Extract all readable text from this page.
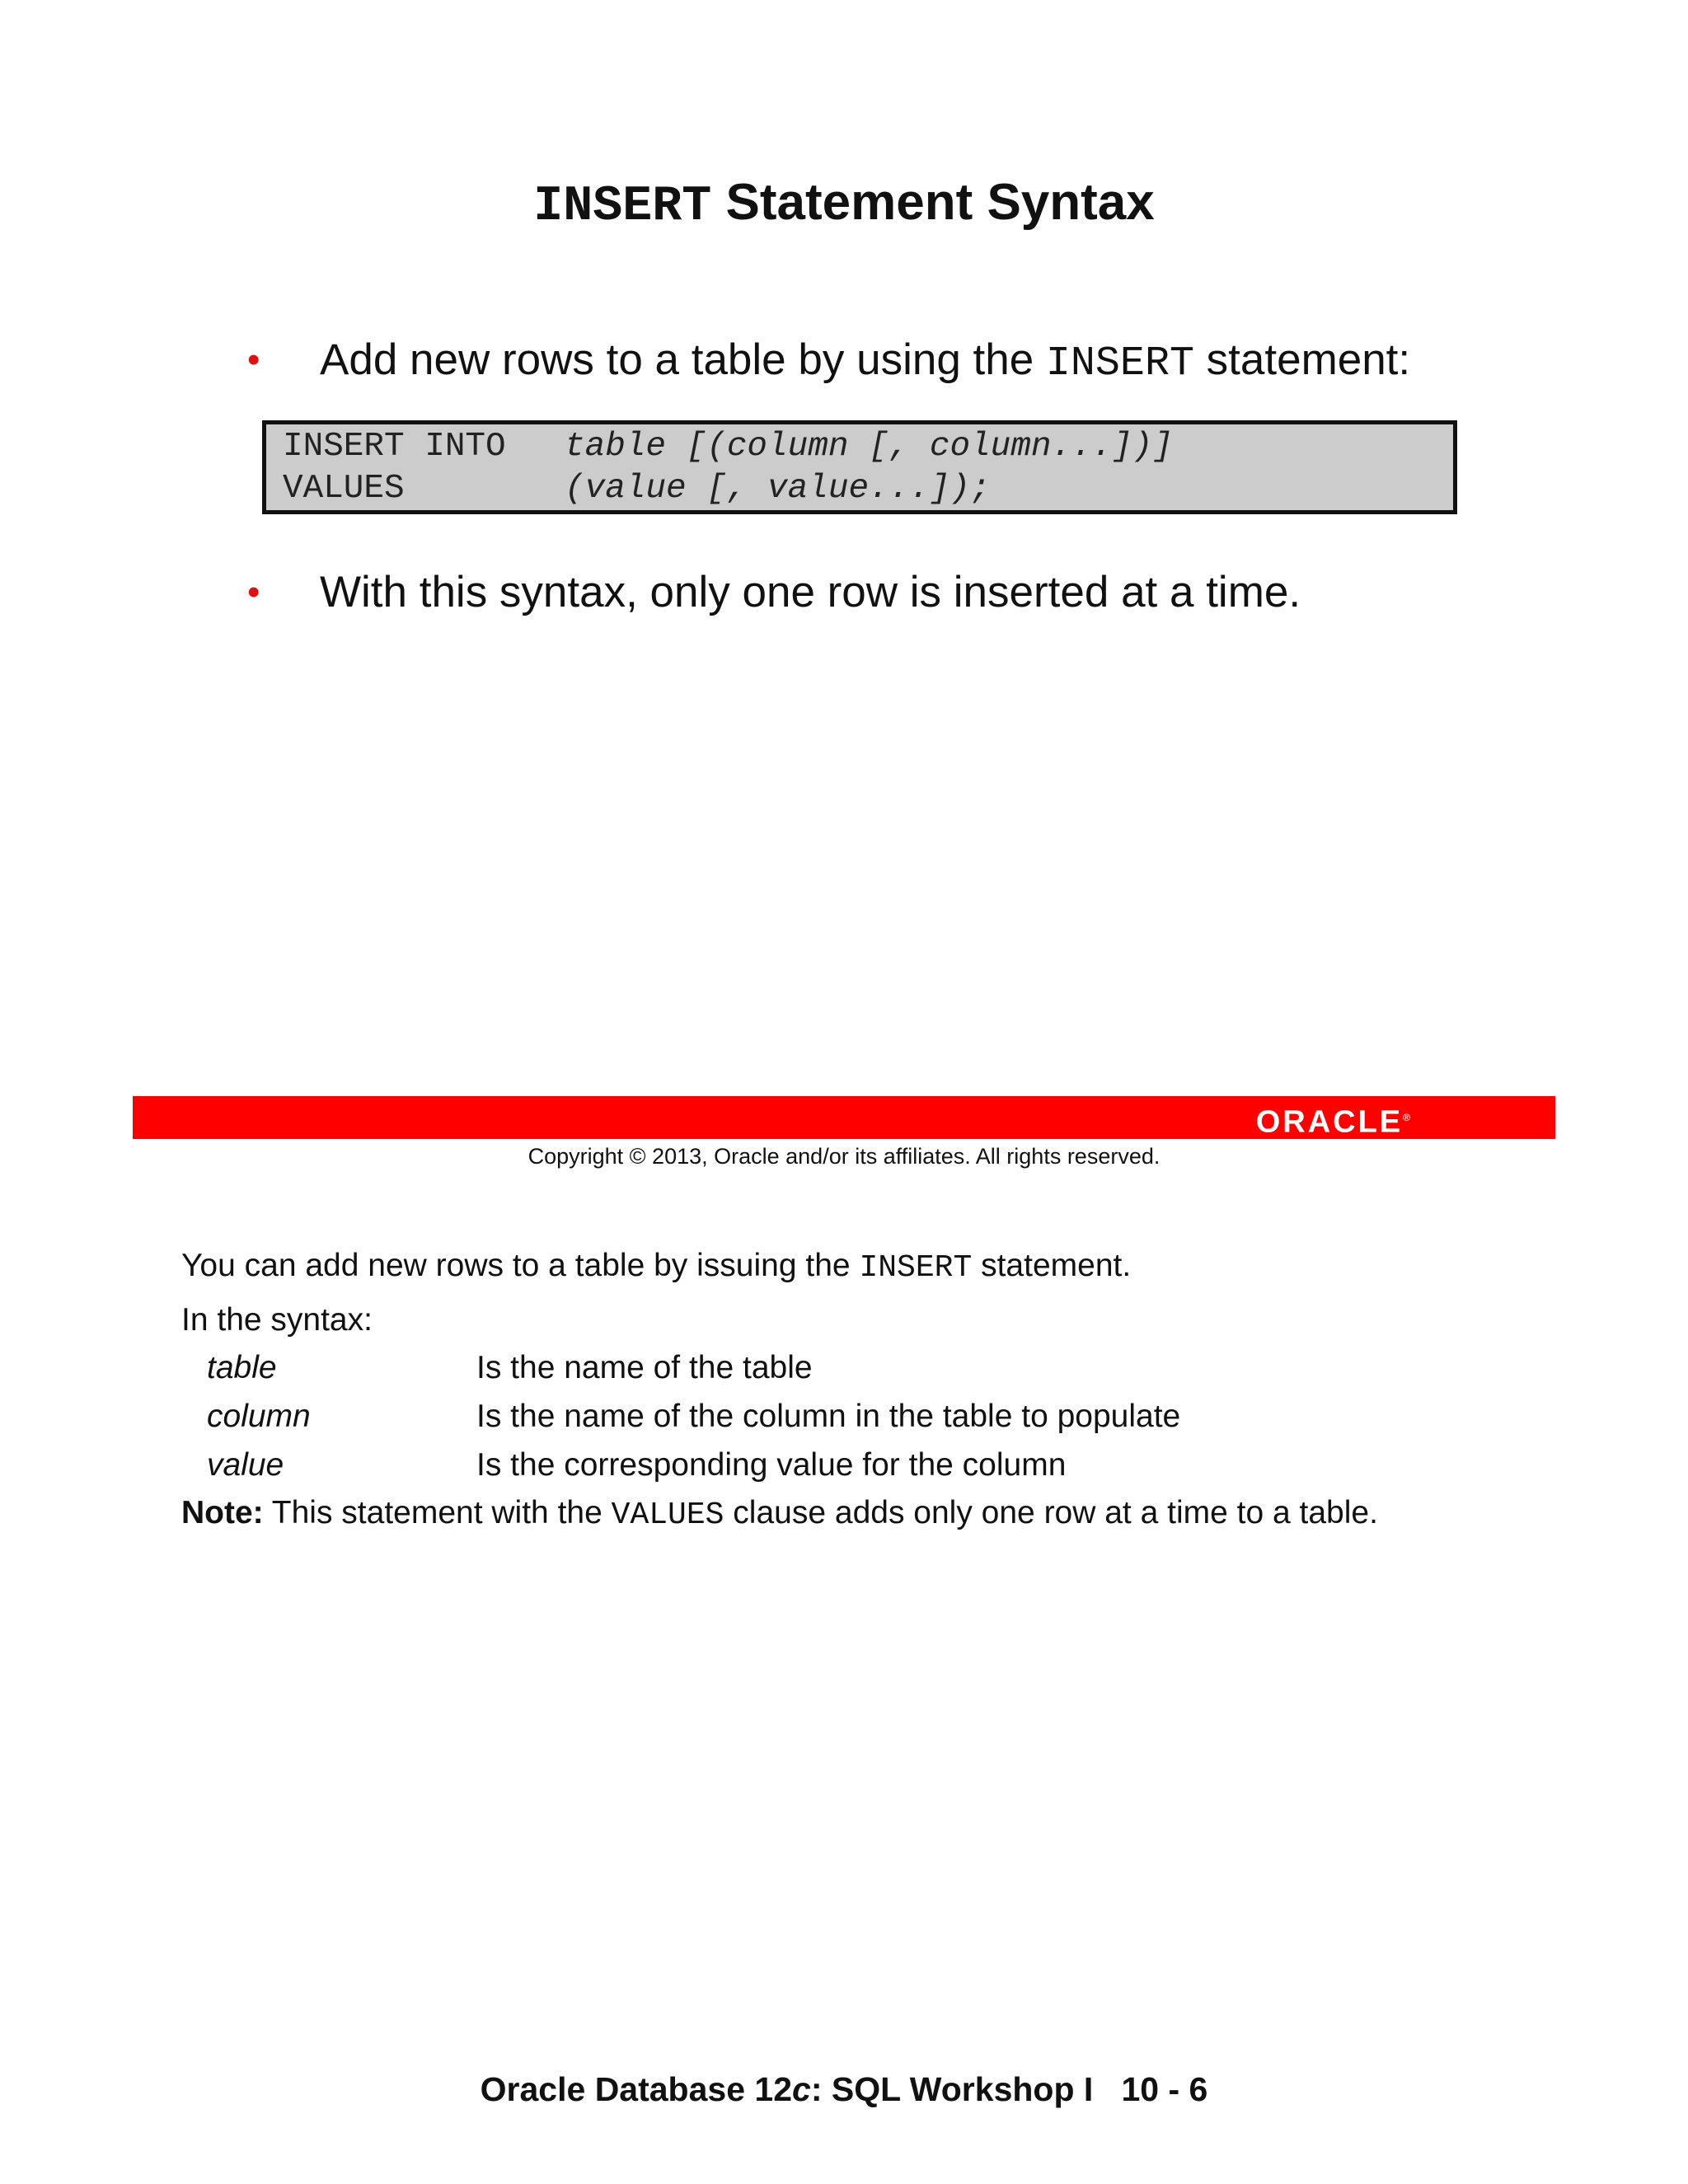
INSERT Statement Syntax
• Add new rows to a table by using the INSERT statement:
INSERT INTO table [(column [, column...])]
VALUES	(value [, value...]);
• With this syntax, only one row is inserted at a time.
ORACLE®
Copyright © 2013, Oracle and/or its affiliates. All rights reserved.
You can add new rows to a table by issuing the INSERT statement.
In the syntax:
table	Is the name of the table
column	Is the name of the column in the table to populate
value	Is the corresponding value for the column
Note: This statement with the VALUES clause adds only one row at a time to a table.
Oracle Database 12c: SQL Workshop I 10 - 6
